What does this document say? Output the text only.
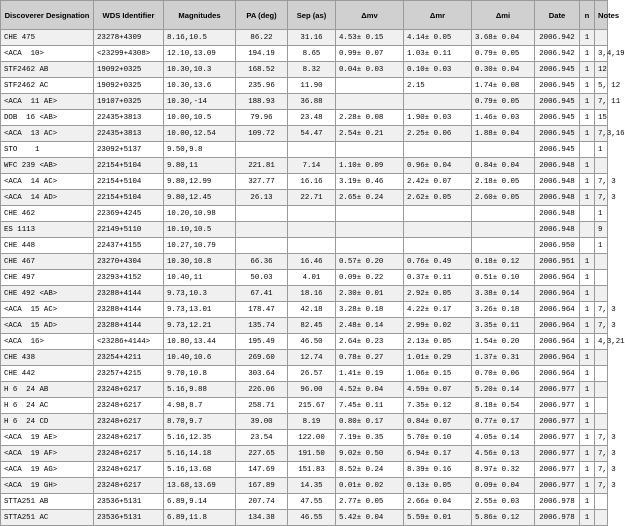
Discoverer Designation	WDS Identifier	Magnitudes	PA (deg)	Sep (as)	Δmv	Δmr	Δmi	Date	n	Notes
CHE 475	23278+4309	8.16,10.5	86.22	31.16	4.53± 0.15	4.14± 0.05	3.68± 0.04	2006.942	1	
<ACA  10>	<23299+4308>	12.10,13.09	194.19	8.65	0.99± 0.07	1.03± 0.11	0.79± 0.05	2006.942	1	3,4,19
STF2462 AB	19092+0325	10.30,10.3	168.52	8.32	0.04± 0.03	0.10± 0.03	0.30± 0.04	2006.945	1	12
STF2462 AC	19092+0325	10.30,13.6	235.96	11.90		2.15	1.74± 0.08	2006.945	1	5, 12
<ACA  11 AE>	19107+0325	10.30,-14	188.93	36.88			0.79± 0.05	2006.945	1	7, 11
DOB  16 <AB>	22435+3813	10.00,10.5	79.96	23.48	2.28± 0.08	1.90± 0.03	1.46± 0.03	2006.945	1	15
<ACA  13 AC>	22435+3813	10.00,12.54	109.72	54.47	2.54± 0.21	2.25± 0.06	1.88± 0.04	2006.945	1	7,3,16
STO    1	23092+5137	9.50,9.8						2006.945		1
WFC 239 <AB>	22154+5104	9.80,11	221.81	7.14	1.10± 0.09	0.96± 0.04	0.84± 0.04	2006.948	1	
<ACA  14 AC>	22154+5104	9.80,12.99	327.77	16.16	3.19± 0.46	2.42± 0.07	2.18± 0.05	2006.948	1	7, 3
<ACA  14 AD>	22154+5104	9.80,12.45	26.13	22.71	2.65± 0.24	2.62± 0.05	2.60± 0.05	2006.948	1	7, 3
CHE 462	22369+4245	10.20,10.98						2006.948		1
ES 1113	22149+5110	10.10,10.5						2006.948		9
CHE 448	22437+4155	10.27,10.79						2006.950		1
CHE 467	23270+4304	10.30,10.8	66.36	16.46	0.57± 0.20	0.76± 0.49	0.18± 0.12	2006.951	1	
CHE 497	23293+4152	10.40,11	50.03	4.01	0.09± 0.22	0.37± 0.11	0.51± 0.10	2006.964	1	
CHE 492 <AB>	23288+4144	9.73,10.3	67.41	18.16	2.30± 0.01	2.92± 0.05	3.38± 0.14	2006.964	1	
<ACA  15 AC>	23288+4144	9.73,13.01	178.47	42.18	3.28± 0.18	4.22± 0.17	3.26± 0.18	2006.964	1	7, 3
<ACA  15 AD>	23288+4144	9.73,12.21	135.74	82.45	2.48± 0.14	2.99± 0.02	3.35± 0.11	2006.964	1	7, 3
<ACA  16>	<23286+4144>	10.80,13.44	195.49	46.50	2.64± 0.23	2.13± 0.05	1.54± 0.20	2006.964	1	4,3,21
CHE 438	23254+4211	10.40,10.6	269.60	12.74	0.78± 0.27	1.01± 0.29	1.37± 0.31	2006.964	1	
CHE 442	23257+4215	9.70,10.8	303.64	26.57	1.41± 0.19	1.06± 0.15	0.70± 0.06	2006.964	1	
H 6  24 AB	23248+6217	5.16,9.88	226.06	96.00	4.52± 0.04	4.59± 0.07	5.20± 0.14	2006.977	1	
H 6  24 AC	23248+6217	4.98,8.7	258.71	215.67	7.45± 0.11	7.35± 0.12	8.18± 0.54	2006.977	1	
H 6  24 CD	23248+6217	8.70,9.7	39.00	8.19	0.80± 0.17	0.84± 0.07	0.77± 0.17	2006.977	1	
<ACA  19 AE>	23248+6217	5.16,12.35	23.54	122.00	7.19± 0.35	5.70± 0.10	4.05± 0.14	2006.977	1	7, 3
<ACA  19 AF>	23248+6217	5.16,14.18	227.65	191.50	9.02± 0.50	6.94± 0.17	4.56± 0.13	2006.977	1	7, 3
<ACA  19 AG>	23248+6217	5.16,13.68	147.69	151.83	8.52± 0.24	8.39± 0.16	8.97± 0.32	2006.977	1	7, 3
<ACA  19 GH>	23248+6217	13.68,13.69	167.89	14.35	0.01± 0.02	0.13± 0.05	0.09± 0.04	2006.977	1	7, 3
STTA251 AB	23536+5131	6.89,9.14	207.74	47.55	2.77± 0.05	2.66± 0.04	2.55± 0.03	2006.978	1	
STTA251 AC	23536+5131	6.89,11.8	134.38	46.55	5.42± 0.04	5.59± 0.01	5.86± 0.12	2006.978	1	
